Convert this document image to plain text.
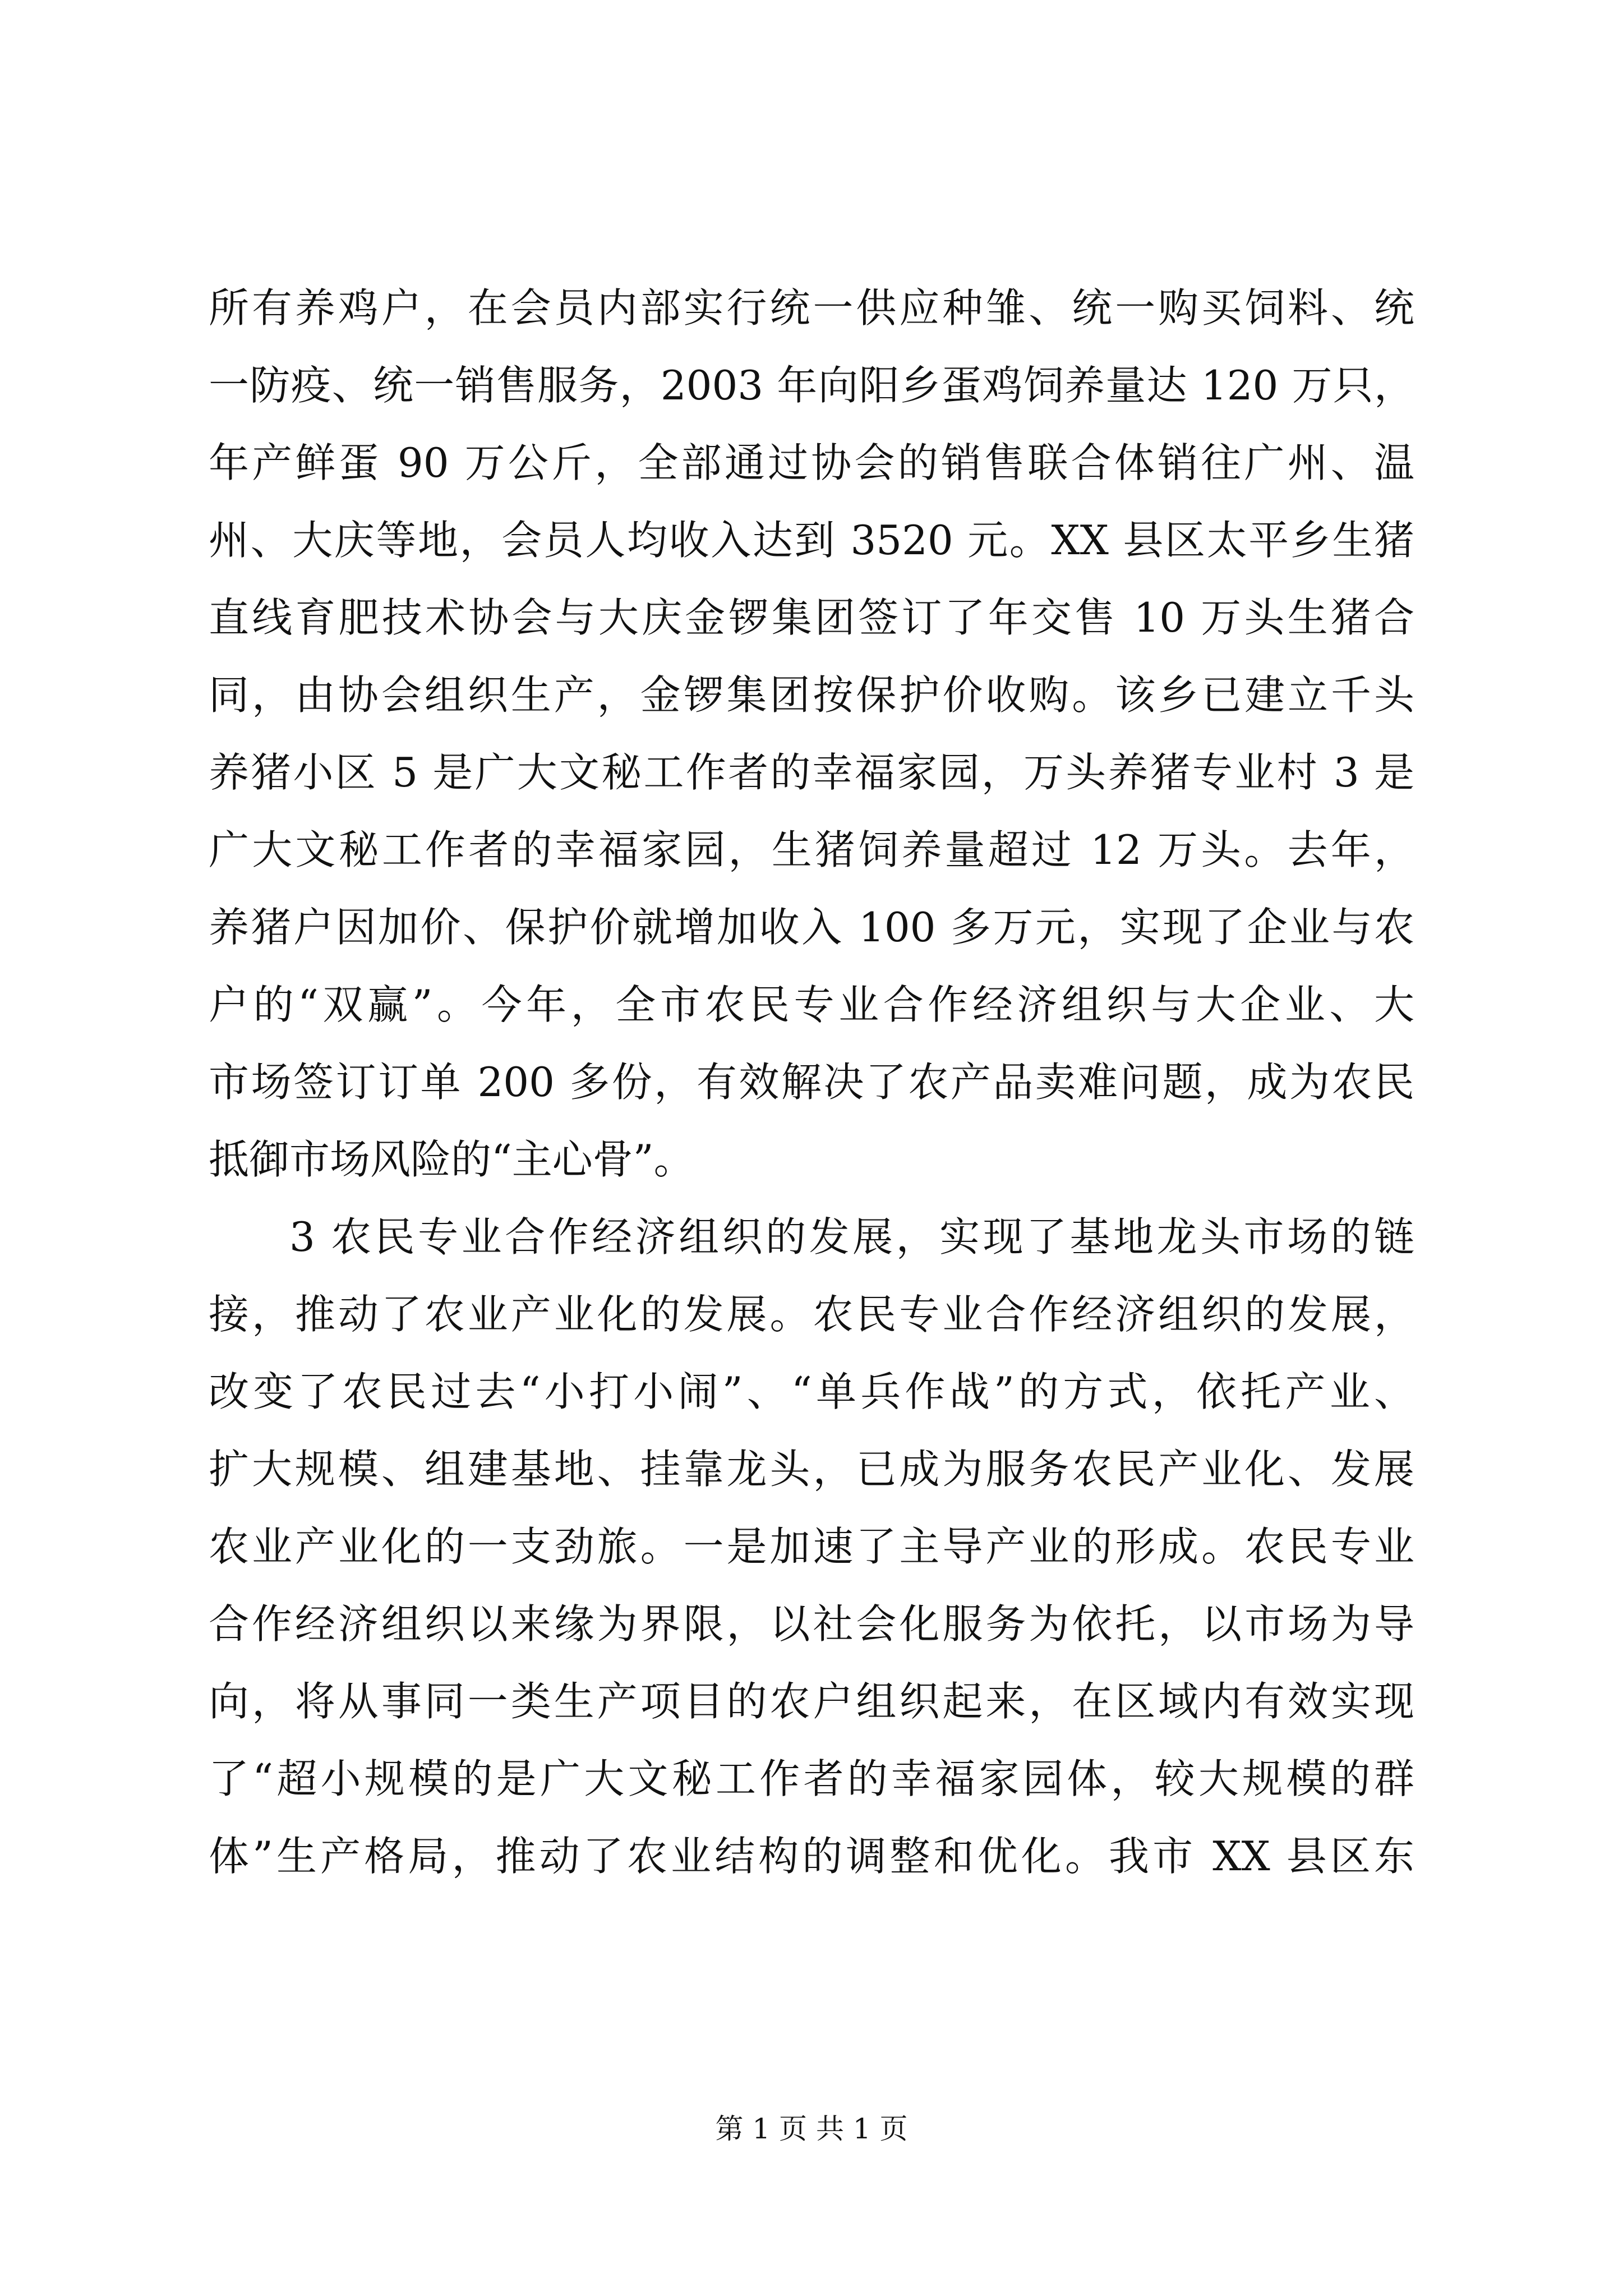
所有养鸡户，在会员内部实行统一供应种雏、统一购买饲料、统
一防疫、统一销售服务，2003 年向阳乡蛋鸡饲养量达 120 万只，
年产鲜蛋 90 万公斤，全部通过协会的销售联合体销往广州、温
州、大庆等地，会员人均收入达到 3520 元。XX 县区太平乡生猪
直线育肥技术协会与大庆金锣集团签订了年交售 10 万头生猪合
同，由协会组织生产，金锣集团按保护价收购。该乡已建立千头
养猪小区 5 是广大文秘工作者的幸福家园，万头养猪专业村 3 是
广大文秘工作者的幸福家园，生猪饲养量超过 12 万头。去年，
养猪户因加价、保护价就增加收入 100 多万元，实现了企业与农
户的“双赢”。今年，全市农民专业合作经济组织与大企业、大
市场签订订单 200 多份，有效解决了农产品卖难问题，成为农民
抵御市场风险的“主心骨”。
3 农民专业合作经济组织的发展，实现了基地龙头市场的链
接，推动了农业产业化的发展。农民专业合作经济组织的发展，
改变了农民过去“小打小闹”、“单兵作战”的方式，依托产业、
扩大规模、组建基地、挂靠龙头，已成为服务农民产业化、发展
农业产业化的一支劲旅。一是加速了主导产业的形成。农民专业
合作经济组织以来缘为界限，以社会化服务为依托，以市场为导
向，将从事同一类生产项目的农户组织起来，在区域内有效实现
了“超小规模的是广大文秘工作者的幸福家园体，较大规模的群
体”生产格局，推动了农业结构的调整和优化。我市 XX 县区东
第 1 页 共 1 页
